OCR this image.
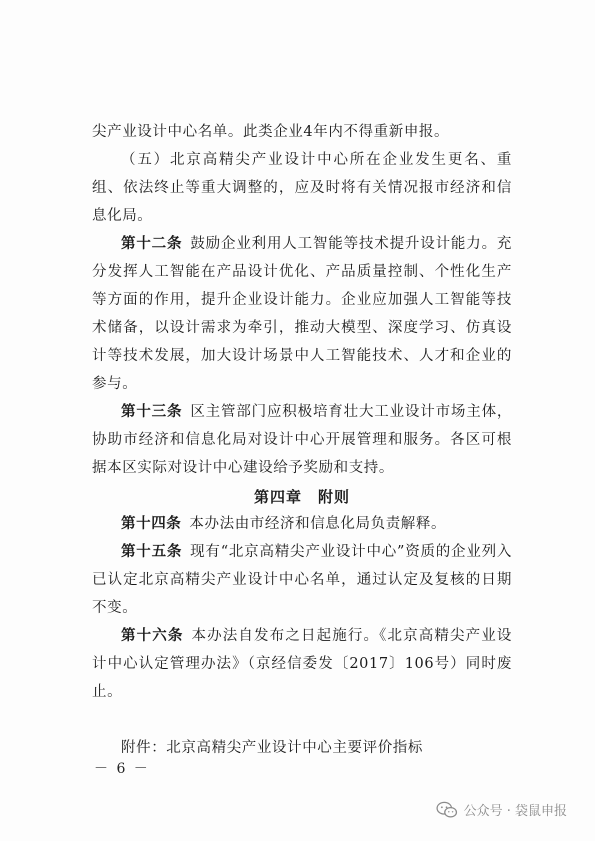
尖产业设计中心名单。此类企业4年内不得重新申报。

（五）北京高精尖产业设计中心所在企业发生更名、重组、依法终止等重大调整的，应及时将有关情况报市经济和信息化局。

第十二条 鼓励企业利用人工智能等技术提升设计能力。充分发挥人工智能在产品设计优化、产品质量控制、个性化生产等方面的作用，提升企业设计能力。企业应加强人工智能等技术储备，以设计需求为牵引，推动大模型、深度学习、仿真设计等技术发展，加大设计场景中人工智能技术、人才和企业的参与。

第十三条 区主管部门应积极培育壮大工业设计市场主体，协助市经济和信息化局对设计中心开展管理和服务。各区可根据本区实际对设计中心建设给予奖励和支持。

第四章　附则

第十四条 本办法由市经济和信息化局负责解释。

第十五条 现有“北京高精尖产业设计中心”资质的企业列入已认定北京高精尖产业设计中心名单，通过认定及复核的日期不变。

第十六条 本办法自发布之日起施行。《北京高精尖产业设计中心认定管理办法》（京经信委发〔2017〕106号）同时废止。

附件：北京高精尖产业设计中心主要评价指标

－ 6 －
公众号 · 袋鼠申报
